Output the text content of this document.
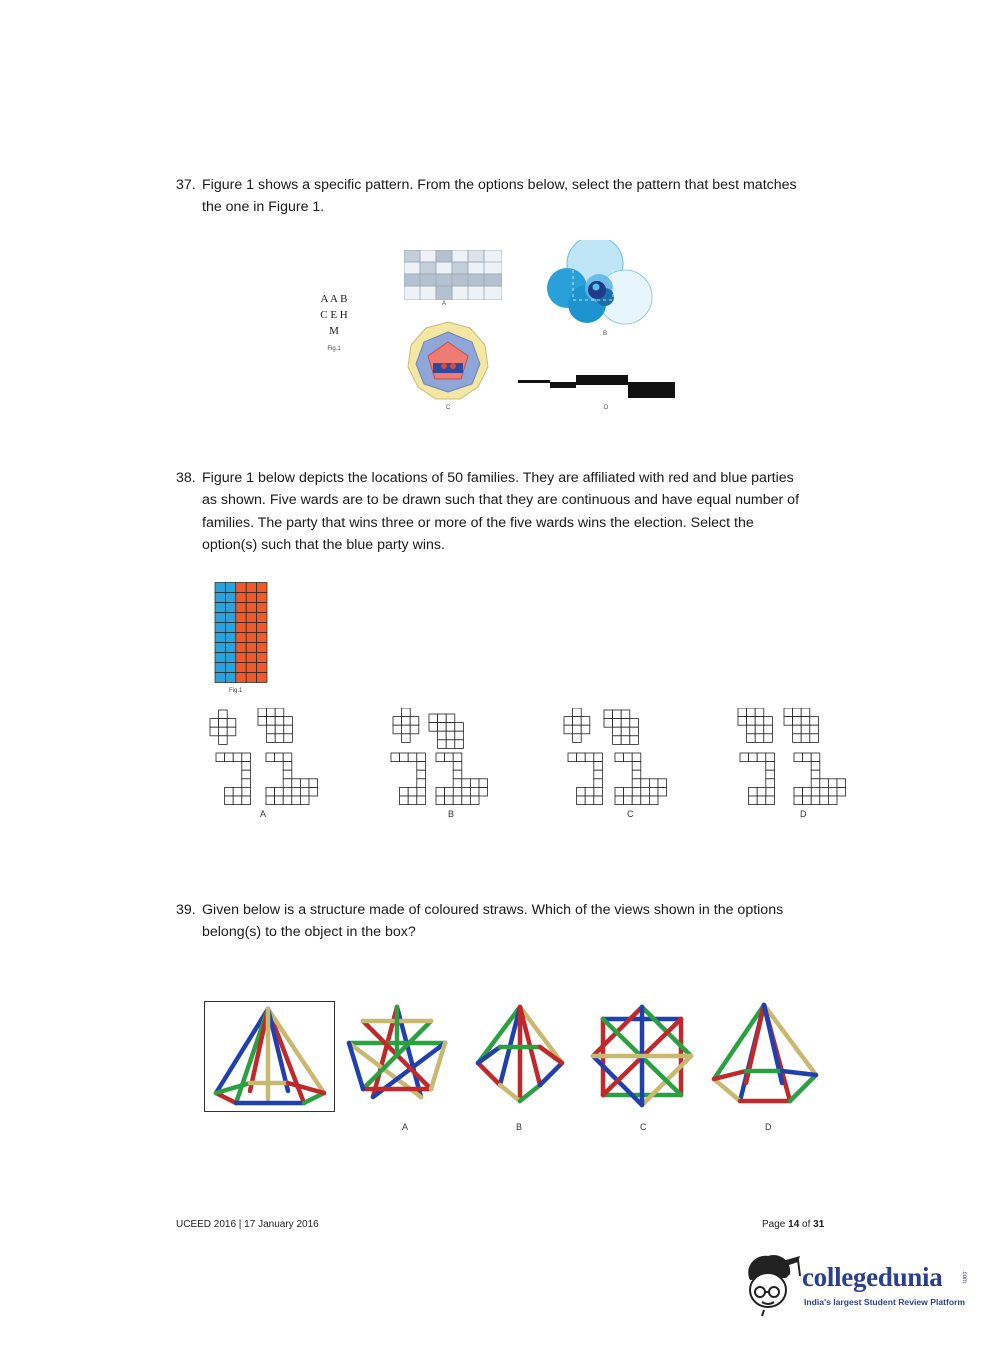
37. Figure 1 shows a specific pattern. From the options below, select the pattern that best matches
the one in Figure 1.
A A B
C E H
M
Fig.1
A
B
C	D
38. Figure 1 below depicts the locations of 50 families. They are affiliated with red and blue parties
as shown. Five wards are to be drawn such that they are continuous and have equal number of
families. The party that wins three or more of the five wards wins the election. Select the
option(s) such that the blue party wins.
Fig.1
A	B	C	D
39. Given below is a structure made of coloured straws. Which of the views shown in the options
belong(s) to the object in the box?
A	B	C	D
UCEED 2016 | 17 January 2016	Page 14 of 31
collegedunia	.com
India's largest Student Review Platform
